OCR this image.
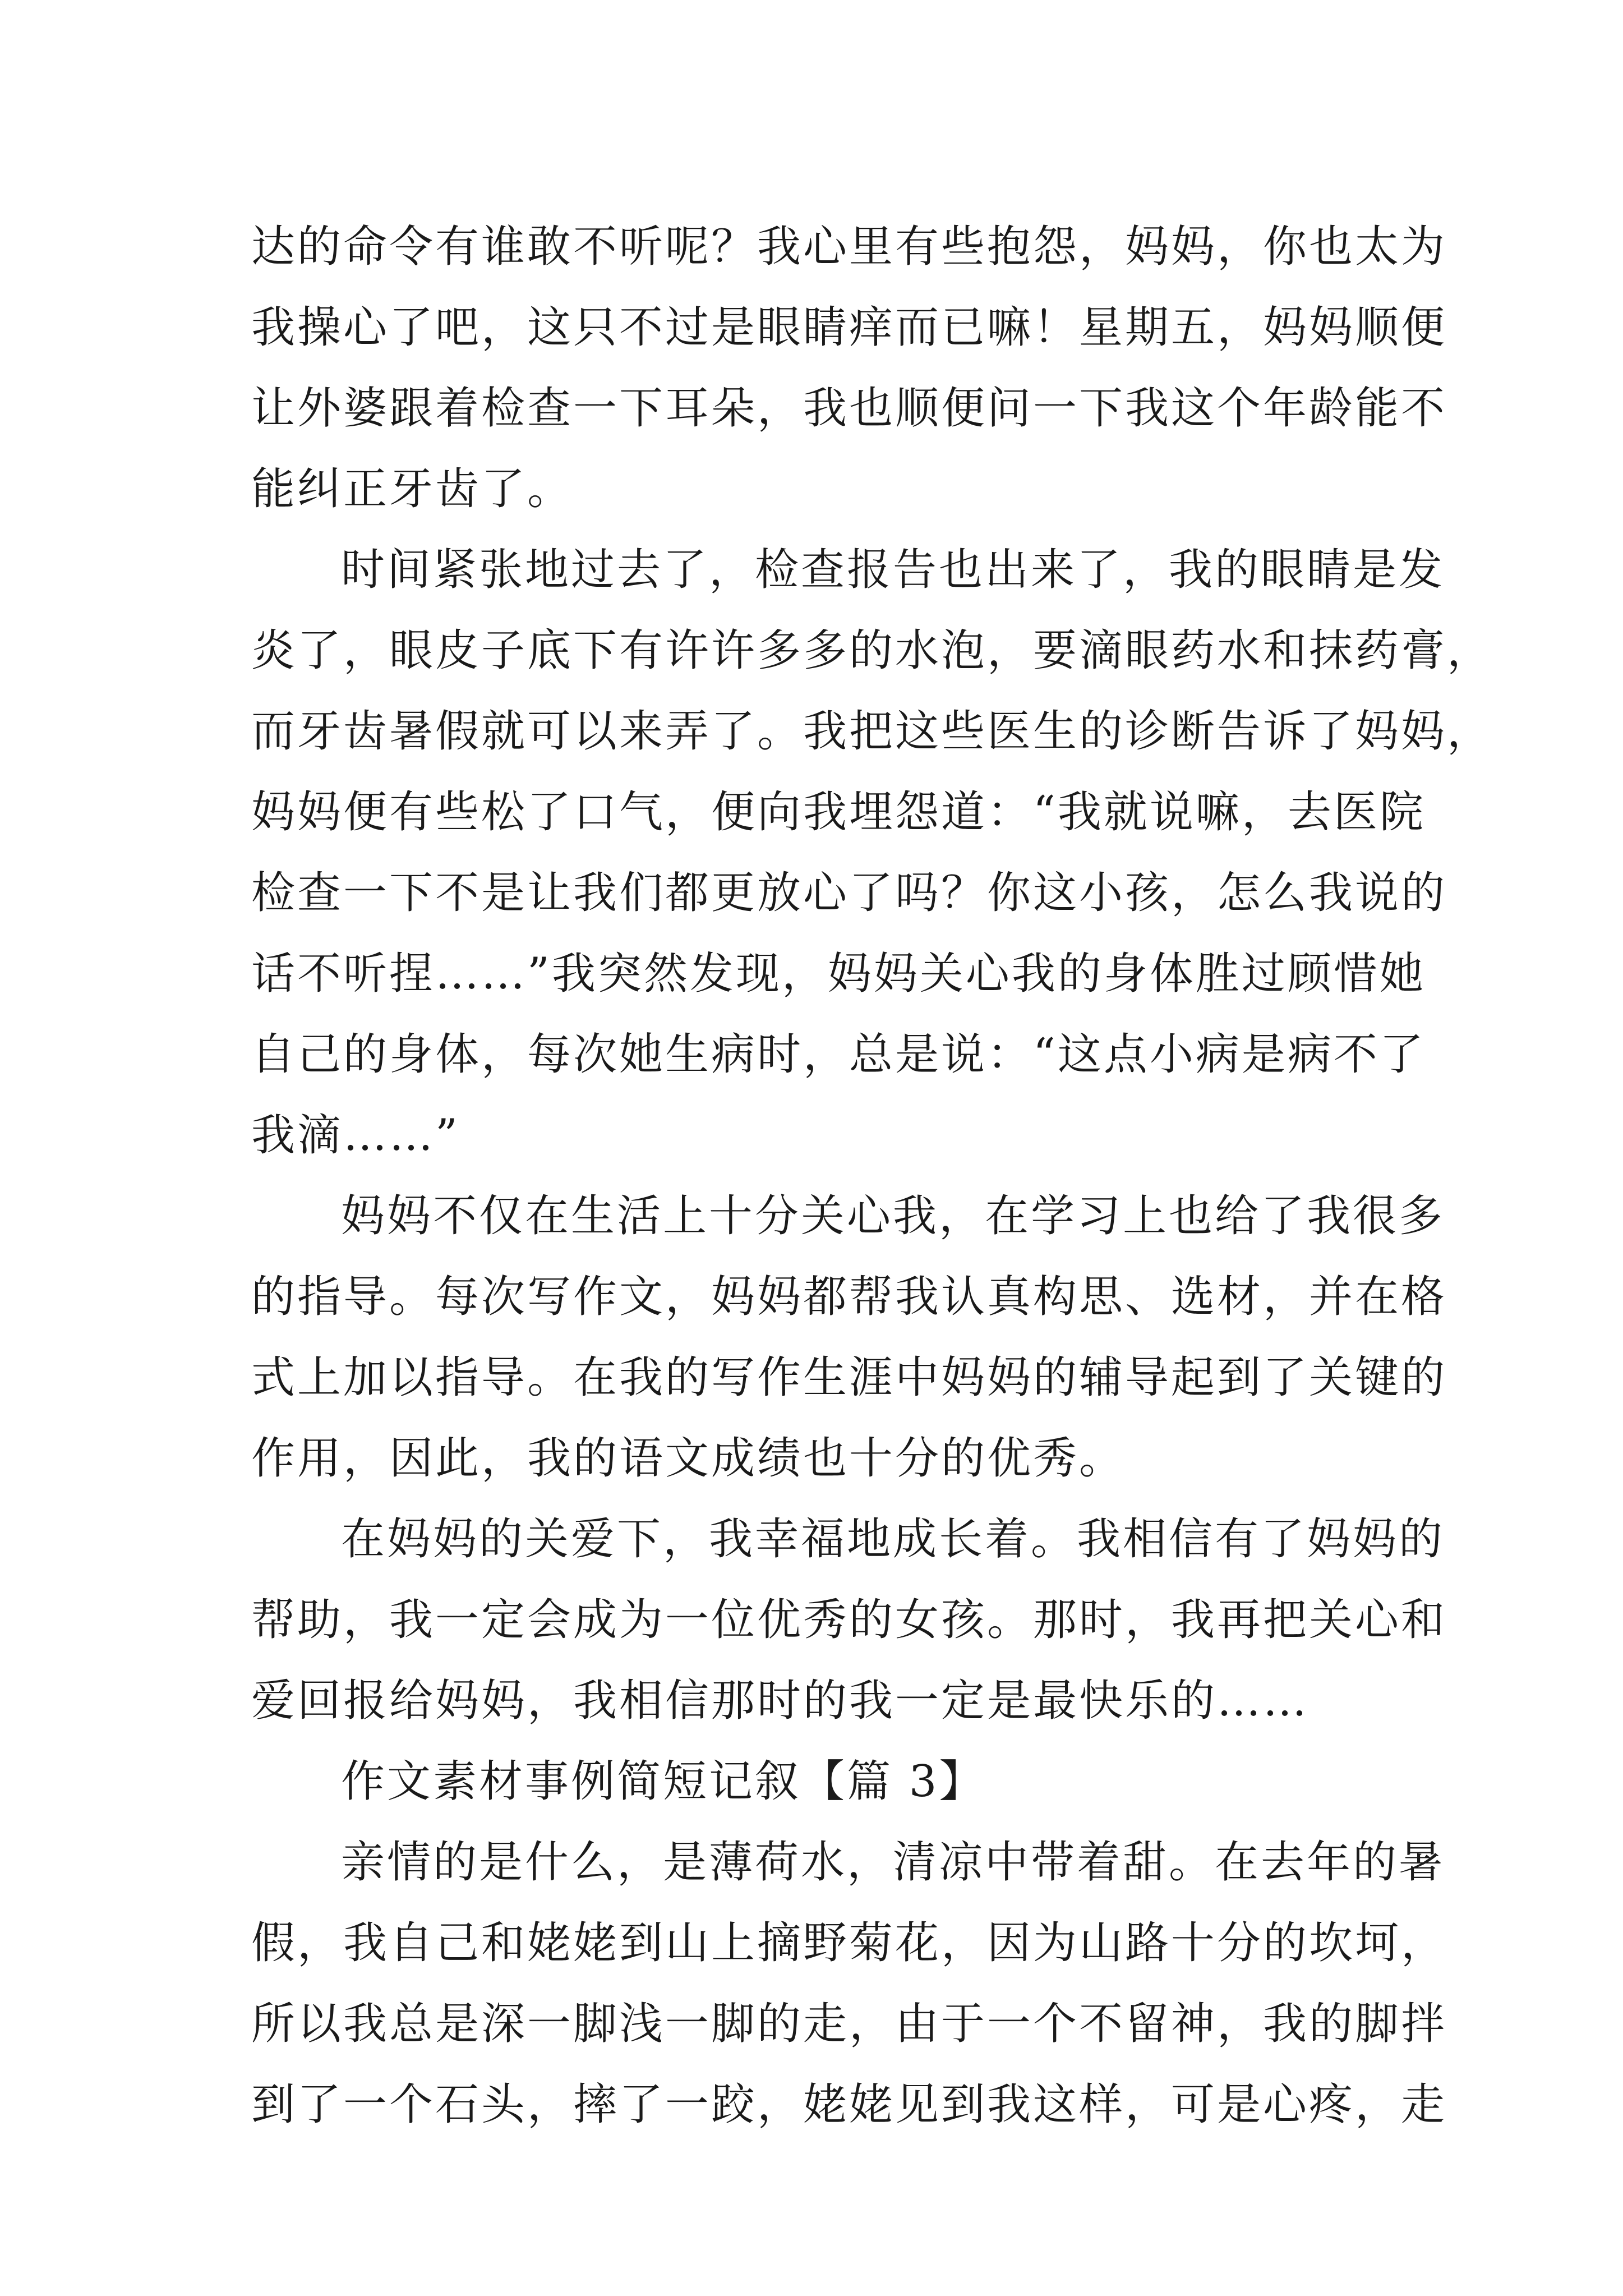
达的命令有谁敢不听呢？我心里有些抱怨，妈妈，你也太为
我操心了吧，这只不过是眼睛痒而已嘛！星期五，妈妈顺便
让外婆跟着检查一下耳朵，我也顺便问一下我这个年龄能不
能纠正牙齿了。
时间紧张地过去了，检查报告也出来了，我的眼睛是发
炎了，眼皮子底下有许许多多的水泡，要滴眼药水和抹药膏，
而牙齿暑假就可以来弄了。我把这些医生的诊断告诉了妈妈，
妈妈便有些松了口气，便向我埋怨道：“我就说嘛，去医院
检查一下不是让我们都更放心了吗？你这小孩，怎么我说的
话不听捏……”我突然发现，妈妈关心我的身体胜过顾惜她
自己的身体，每次她生病时，总是说：“这点小病是病不了
我滴……”
妈妈不仅在生活上十分关心我，在学习上也给了我很多
的指导。每次写作文，妈妈都帮我认真构思、选材，并在格
式上加以指导。在我的写作生涯中妈妈的辅导起到了关键的
作用，因此，我的语文成绩也十分的优秀。
在妈妈的关爱下，我幸福地成长着。我相信有了妈妈的
帮助，我一定会成为一位优秀的女孩。那时，我再把关心和
爱回报给妈妈，我相信那时的我一定是最快乐的……
作文素材事例简短记叙【篇 3】
亲情的是什么，是薄荷水，清凉中带着甜。在去年的暑
假，我自己和姥姥到山上摘野菊花，因为山路十分的坎坷，
所以我总是深一脚浅一脚的走，由于一个不留神，我的脚拌
到了一个石头，摔了一跤，姥姥见到我这样，可是心疼，走
